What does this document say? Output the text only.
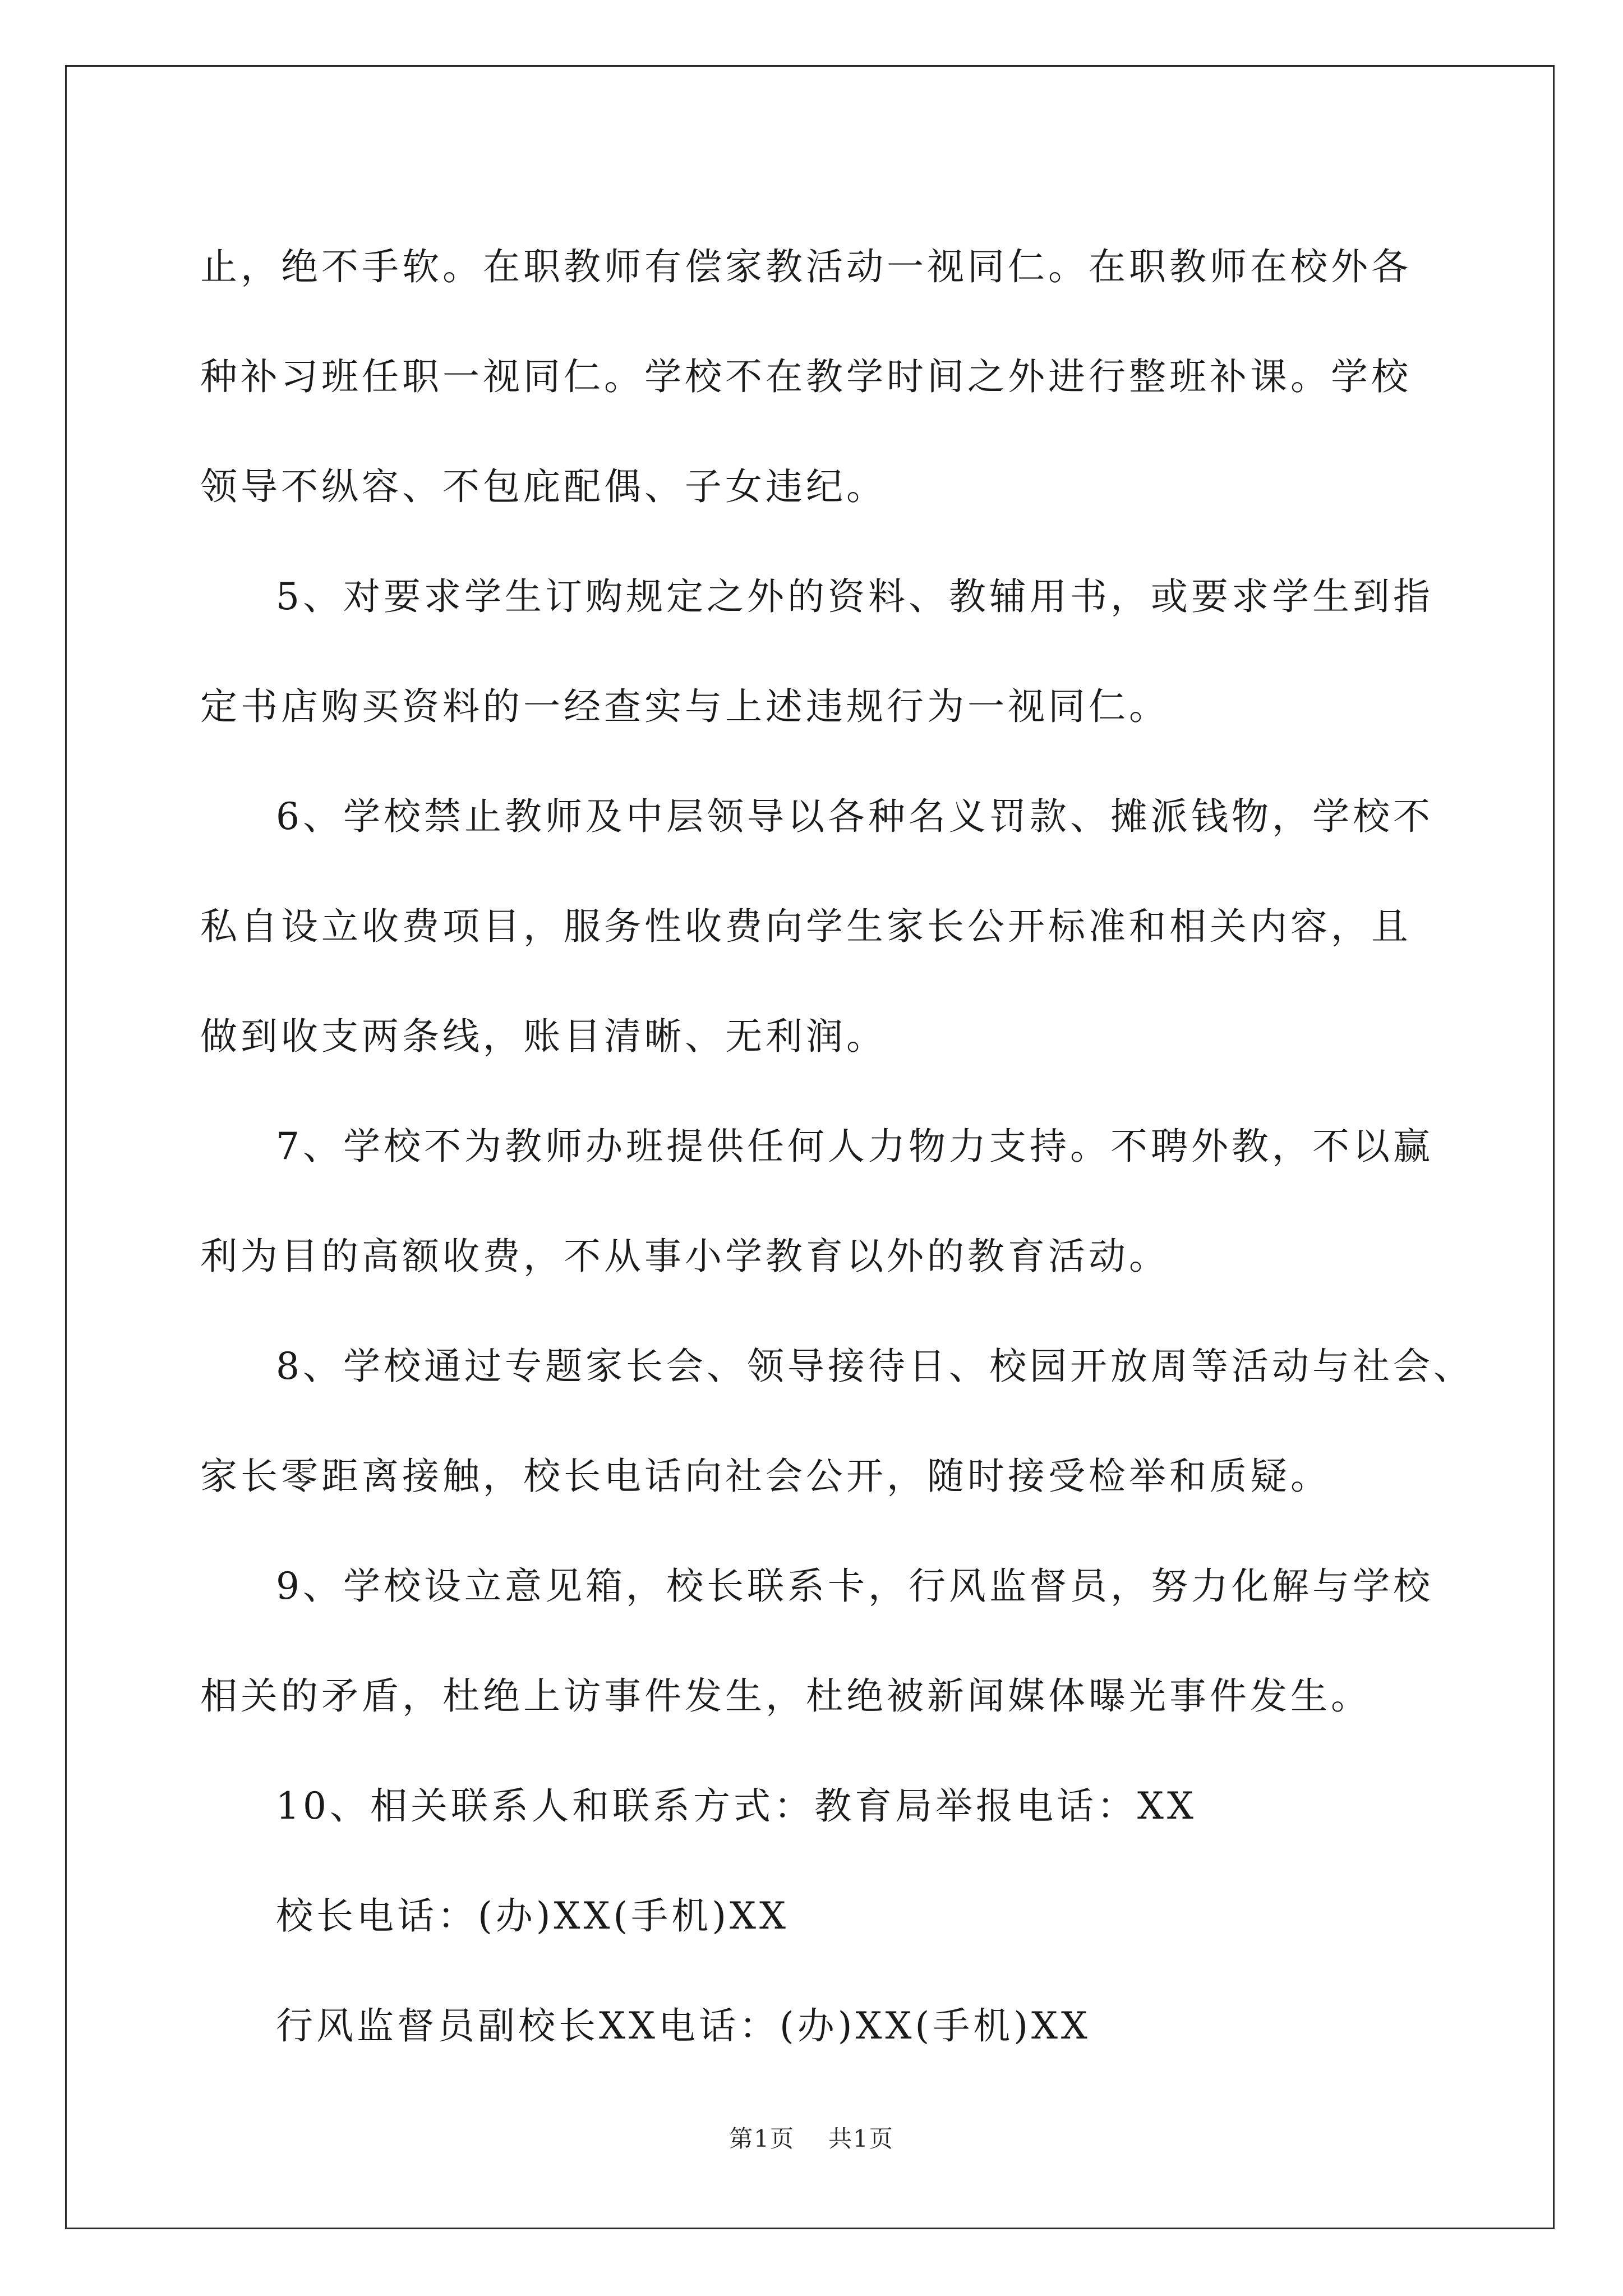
止，绝不手软。在职教师有偿家教活动一视同仁。在职教师在校外各
种补习班任职一视同仁。学校不在教学时间之外进行整班补课。学校
领导不纵容、不包庇配偶、子女违纪。

5、对要求学生订购规定之外的资料、教辅用书，或要求学生到指
定书店购买资料的一经查实与上述违规行为一视同仁。

6、学校禁止教师及中层领导以各种名义罚款、摊派钱物，学校不
私自设立收费项目，服务性收费向学生家长公开标准和相关内容，且
做到收支两条线，账目清晰、无利润。

7、学校不为教师办班提供任何人力物力支持。不聘外教，不以赢
利为目的高额收费，不从事小学教育以外的教育活动。

8、学校通过专题家长会、领导接待日、校园开放周等活动与社会、
家长零距离接触，校长电话向社会公开，随时接受检举和质疑。

9、学校设立意见箱，校长联系卡，行风监督员，努力化解与学校
相关的矛盾，杜绝上访事件发生，杜绝被新闻媒体曝光事件发生。

10、相关联系人和联系方式：教育局举报电话：XX

校长电话：(办)XX(手机)XX

行风监督员副校长XX电话：(办)XX(手机)XX

第1页 共1页
